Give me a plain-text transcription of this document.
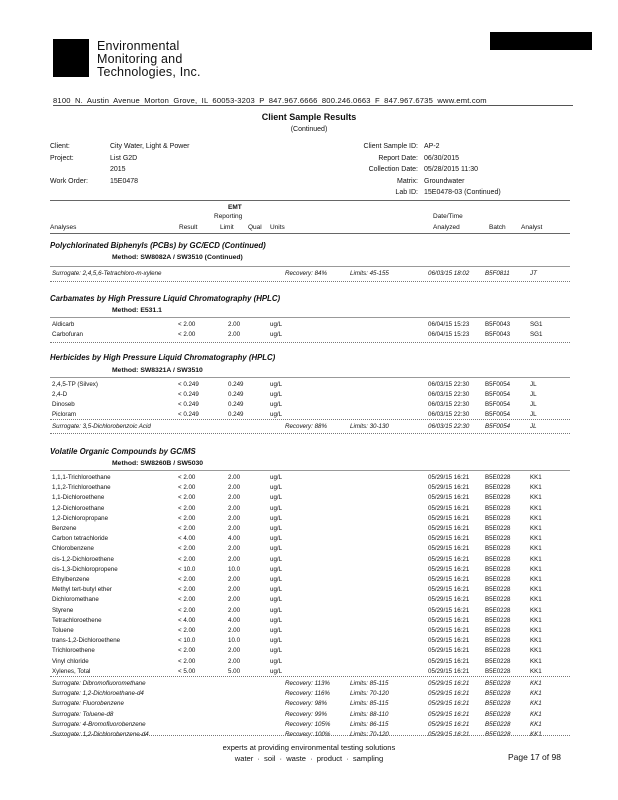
Environmental
Monitoring and
Technologies, Inc.
8100 N. Austin Avenue Morton Grove, IL 60053-3203 P 847.967.6666 800.246.0663 F 847.967.6735 www.emt.com
Client Sample Results
(Continued)
Client:	City Water, Light & Power
Project:	List G2D
2015
Work Order:	15E0478
Client Sample ID: AP-2
Report Date: 06/30/2015
Collection Date: 05/28/2015 11:30
Matrix: Groundwater
Lab ID: 15E0478-03 (Continued)
EMT
Reporting	Date/Time
Analyses	Result	Limit Qual Units	Analyzed	Batch Analyst
Polychlorinated Biphenyls (PCBs) by GC/ECD (Continued)
Method: SW8082A / SW3510 (Continued)
Surrogate: 2,4,5,6-Tetrachloro-m-xylene	Recovery: 84%	Limits: 45-155	06/03/15 18:02	B5F0811	JT
Carbamates by High Pressure Liquid Chromatography (HPLC)
Method: E531.1
Aldicarb	< 2.00	2.00	ug/L	06/04/15 15:23	B5F0043	SG1
Carbofuran	< 2.00	2.00	ug/L	06/04/15 15:23	B5F0043	SG1
Herbicides by High Pressure Liquid Chromatography (HPLC)
Method: SW8321A / SW3510
2,4,5-TP (Silvex)	< 0.249	0.249	ug/L	06/03/15 22:30	B5F0054	JL
2,4-D	< 0.249	0.249	ug/L	06/03/15 22:30	B5F0054	JL
Dinoseb	< 0.249	0.249	ug/L	06/03/15 22:30	B5F0054	JL
Picloram	< 0.249	0.249	ug/L	06/03/15 22:30	B5F0054	JL
Surrogate: 3,5-Dichlorobenzoic Acid	Recovery: 88%	Limits: 30-130	06/03/15 22:30	B5F0054	JL
Volatile Organic Compounds by GC/MS
Method: SW8260B / SW5030
1,1,1-Trichloroethane	< 2.00	2.00	ug/L	05/29/15 16:21	B5E0228	KK1
1,1,2-Trichloroethane	< 2.00	2.00	ug/L	05/29/15 16:21	B5E0228	KK1
1,1-Dichloroethene	< 2.00	2.00	ug/L	05/29/15 16:21	B5E0228	KK1
1,2-Dichloroethane	< 2.00	2.00	ug/L	05/29/15 16:21	B5E0228	KK1
1,2-Dichloropropane	< 2.00	2.00	ug/L	05/29/15 16:21	B5E0228	KK1
Benzene	< 2.00	2.00	ug/L	05/29/15 16:21	B5E0228	KK1
Carbon tetrachloride	< 4.00	4.00	ug/L	05/29/15 16:21	B5E0228	KK1
Chlorobenzene	< 2.00	2.00	ug/L	05/29/15 16:21	B5E0228	KK1
cis-1,2-Dichloroethene	< 2.00	2.00	ug/L	05/29/15 16:21	B5E0228	KK1
cis-1,3-Dichloropropene	< 10.0	10.0	ug/L	05/29/15 16:21	B5E0228	KK1
Ethylbenzene	< 2.00	2.00	ug/L	05/29/15 16:21	B5E0228	KK1
Methyl tert-butyl ether	< 2.00	2.00	ug/L	05/29/15 16:21	B5E0228	KK1
Dichloromethane	< 2.00	2.00	ug/L	05/29/15 16:21	B5E0228	KK1
Styrene	< 2.00	2.00	ug/L	05/29/15 16:21	B5E0228	KK1
Tetrachloroethene	< 4.00	4.00	ug/L	05/29/15 16:21	B5E0228	KK1
Toluene	< 2.00	2.00	ug/L	05/29/15 16:21	B5E0228	KK1
trans-1,2-Dichloroethene	< 10.0	10.0	ug/L	05/29/15 16:21	B5E0228	KK1
Trichloroethene	< 2.00	2.00	ug/L	05/29/15 16:21	B5E0228	KK1
Vinyl chloride	< 2.00	2.00	ug/L	05/29/15 16:21	B5E0228	KK1
Xylenes, Total	< 5.00	5.00	ug/L	05/29/15 16:21	B5E0228	KK1
Surrogate: Dibromofluoromethane	Recovery: 113%	Limits: 85-115	05/29/15 16:21	B5E0228	KK1
Surrogate: 1,2-Dichloroethane-d4	Recovery: 116%	Limits: 70-120	05/29/15 16:21	B5E0228	KK1
Surrogate: Fluorobenzene	Recovery: 98%	Limits: 85-115	05/29/15 16:21	B5E0228	KK1
Surrogate: Toluene-d8	Recovery: 99%	Limits: 88-110	05/29/15 16:21	B5E0228	KK1
Surrogate: 4-Bromofluorobenzene	Recovery: 105%	Limits: 86-115	05/29/15 16:21	B5E0228	KK1
Surrogate: 1,2-Dichlorobenzene-d4	Recovery: 100%	Limits: 70-120	05/29/15 16:21	B5E0228	KK1
experts at providing environmental testing solutions
water · soil · waste · product · sampling	Page 17 of 98
